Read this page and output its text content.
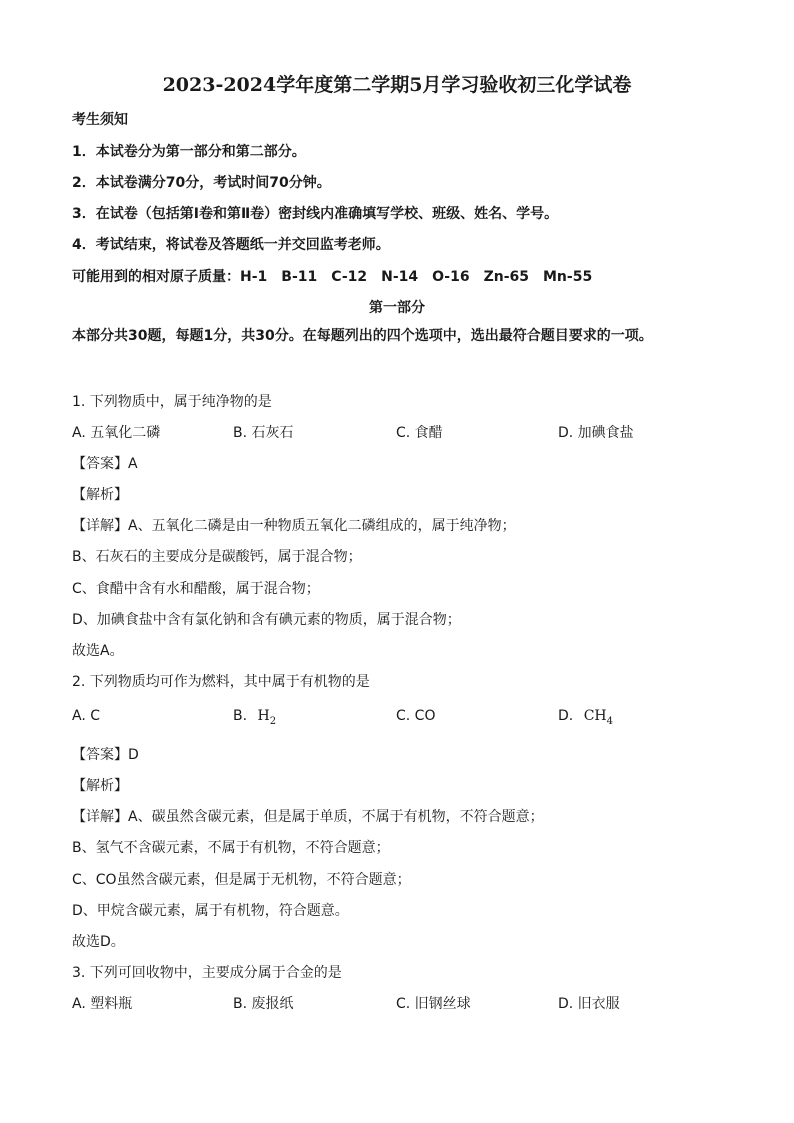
2023-2024学年度第二学期5月学习验收初三化学试卷
考生须知
1．本试卷分为第一部分和第二部分。
2．本试卷满分70分，考试时间70分钟。
3．在试卷（包括第Ⅰ卷和第Ⅱ卷）密封线内准确填写学校、班级、姓名、学号。
4．考试结束，将试卷及答题纸一并交回监考老师。
可能用到的相对原子质量：H-1　B-11　C-12　N-14　O-16　Zn-65　Mn-55
第一部分
本部分共30题，每题1分，共30分。在每题列出的四个选项中，选出最符合题目要求的一项。
1. 下列物质中，属于纯净物的是
A. 五氧化二磷	B. 石灰石	C. 食醋	D. 加碘食盐
【答案】A
【解析】
【详解】A、五氧化二磷是由一种物质五氧化二磷组成的，属于纯净物；
B、石灰石的主要成分是碳酸钙，属于混合物；
C、食醋中含有水和醋酸，属于混合物；
D、加碘食盐中含有氯化钠和含有碘元素的物质，属于混合物；
故选A。
2. 下列物质均可作为燃料，其中属于有机物的是
A. C	B. $H_2$	C. CO	D. $CH_4$
【答案】D
【解析】
【详解】A、碳虽然含碳元素，但是属于单质，不属于有机物，不符合题意；
B、氢气不含碳元素，不属于有机物，不符合题意；
C、CO虽然含碳元素，但是属于无机物，不符合题意；
D、甲烷含碳元素，属于有机物，符合题意。
故选D。
3. 下列可回收物中，主要成分属于合金的是
A. 塑料瓶	B. 废报纸	C. 旧钢丝球	D. 旧衣服
